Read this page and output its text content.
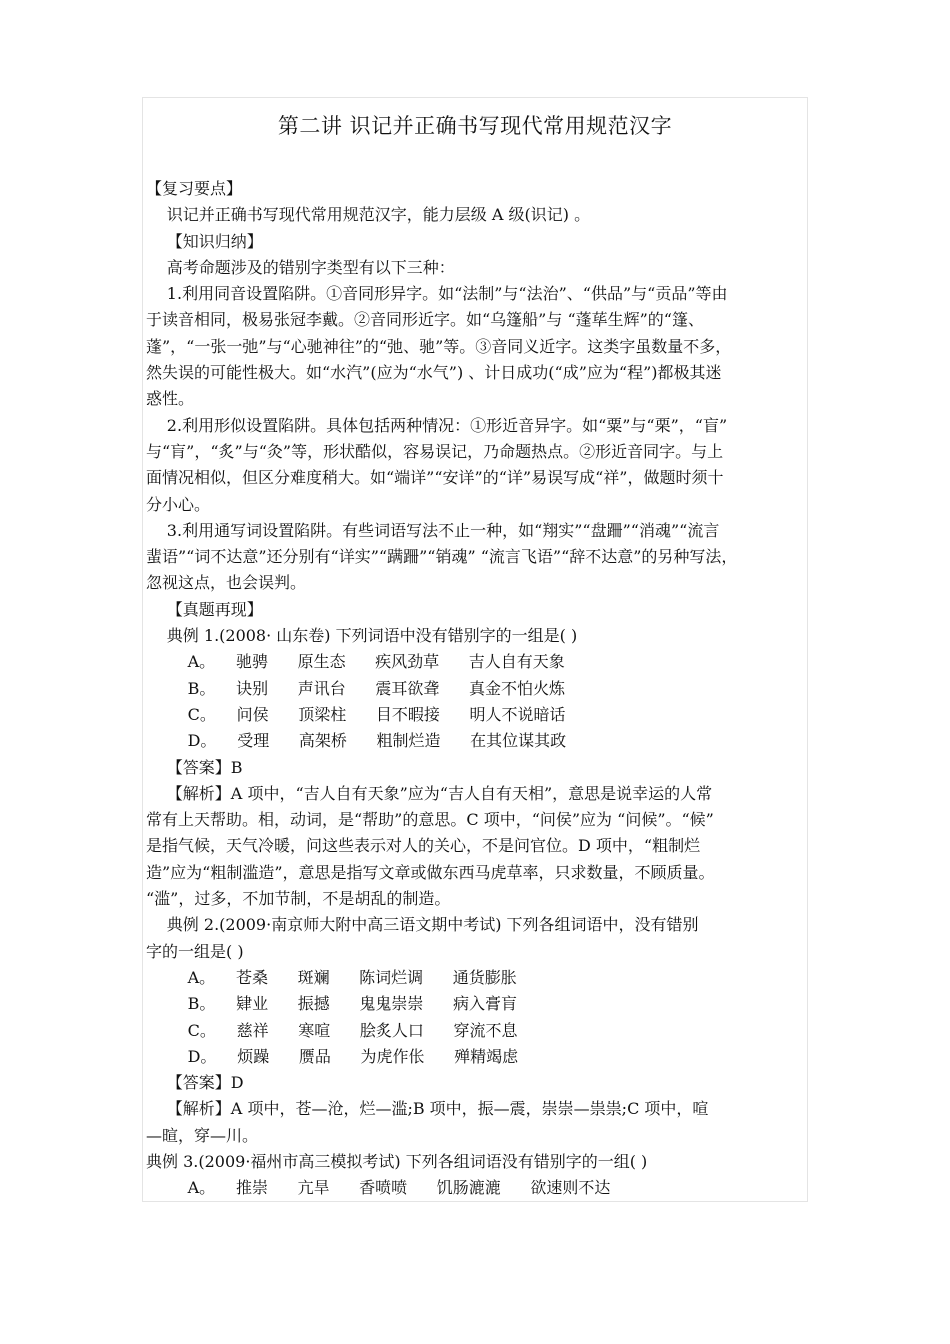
第二讲 识记并正确书写现代常用规范汉字
【复习要点】
识记并正确书写现代常用规范汉字，能力层级 A 级(识记) 。
【知识归纳】
高考命题涉及的错别字类型有以下三种：
1.利用同音设置陷阱。①音同形异字。如“法制”与“法治”、“供品”与“贡品”等由
于读音相同，极易张冠李戴。②音同形近字。如“乌篷船”与 “蓬荜生辉”的“篷、
蓬”，“一张一弛”与“心驰神往”的“弛、驰”等。③音同义近字。这类字虽数量不多，
然失误的可能性极大。如“水汽”(应为“水气”) 、计日成功(“成”应为“程”)都极其迷
惑性。
2.利用形似设置陷阱。具体包括两种情况：①形近音异字。如“粟”与“栗”，“盲”
与“肓”，“炙”与“灸”等，形状酷似，容易误记，乃命题热点。②形近音同字。与上
面情况相似，但区分难度稍大。如“端详”“安详”的“详”易误写成“祥”，做题时须十
分小心。
3.利用通写词设置陷阱。有些词语写法不止一种，如“翔实”“盘跚”“消魂”“流言
蜚语”“词不达意”还分别有“详实”“蹒跚”“销魂” “流言飞语”“辞不达意”的另种写法，
忽视这点，也会误判。
【真题再现】
典例 1.(2008· 山东卷) 下列词语中没有错别字的一组是( )
A。 驰骋 原生态 疾风劲草 吉人自有天象
B。 诀别 声讯台 震耳欲聋 真金不怕火炼
C。 问侯 顶梁柱 目不暇接 明人不说暗话
D。 受理 高架桥 粗制烂造 在其位谋其政
【答案】B
【解析】A 项中，“吉人自有天象”应为“吉人自有天相”，意思是说幸运的人常
常有上天帮助。相，动词，是“帮助”的意思。C 项中，“问侯”应为 “问候”。“候”
是指气候，天气冷暖，问这些表示对人的关心，不是问官位。D 项中，“粗制烂
造”应为“粗制滥造”，意思是指写文章或做东西马虎草率，只求数量，不顾质量。
“滥”，过多，不加节制，不是胡乱的制造。
典例 2.(2009·南京师大附中高三语文期中考试) 下列各组词语中，没有错别
字的一组是( )
A。 苍桑 斑斓 陈词烂调 通货膨胀
B。 肄业 振撼 鬼鬼崇崇 病入膏肓
C。 慈祥 寒喧 脍炙人口 穿流不息
D。 烦躁 赝品 为虎作伥 殚精竭虑
【答案】D
【解析】A 项中，苍—沧，烂—滥;B 项中，振—震，崇崇—祟祟;C 项中，喧
—暄，穿—川。
典例 3.(2009·福州市高三模拟考试) 下列各组词语没有错别字的一组( )
A。 推崇 亢旱 香喷喷 饥肠漉漉 欲速则不达
